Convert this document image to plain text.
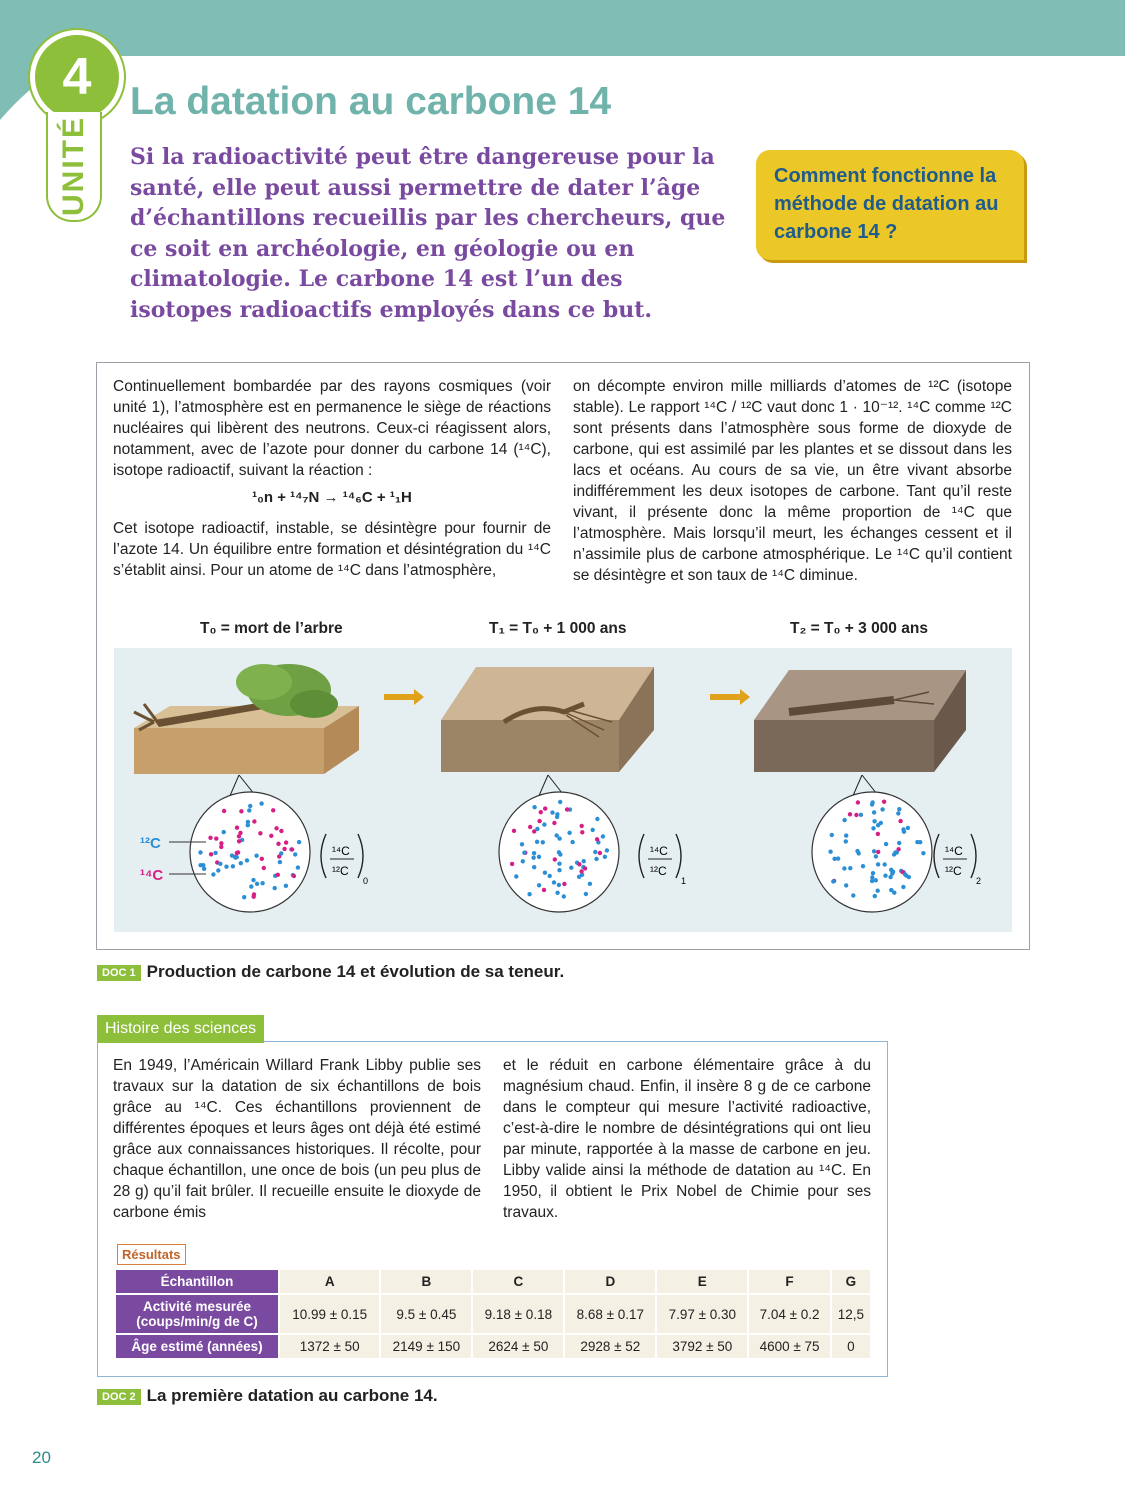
4
UNITÉ
La datation au carbone 14
Si la radioactivité peut être dangereuse pour la santé, elle peut aussi permettre de dater l’âge d’échantillons recueillis par les chercheurs, que ce soit en archéologie, en géologie ou en climatologie. Le carbone 14 est l’un des isotopes radioactifs employés dans ce but.
Comment fonctionne la méthode de datation au carbone 14 ?
Continuellement bombardée par des rayons cosmiques (voir unité 1), l’atmosphère est en permanence le siège de réactions nucléaires qui libèrent des neutrons. Ceux-ci réagissent alors, notamment, avec de l’azote pour donner du carbone 14 (¹⁴C), isotope radioactif, suivant la réaction :
¹₀n + ¹⁴₇N → ¹⁴₆C + ¹₁H
Cet isotope radioactif, instable, se désintègre pour fournir de l’azote 14. Un équilibre entre formation et désintégration du ¹⁴C s’établit ainsi. Pour un atome de ¹⁴C dans l’atmosphère,
on décompte environ mille milliards d’atomes de ¹²C (isotope stable). Le rapport ¹⁴C / ¹²C vaut donc 1 · 10⁻¹². ¹⁴C comme ¹²C sont présents dans l’atmosphère sous forme de dioxyde de carbone, qui est assimilé par les plantes et se dissout dans les lacs et océans. Au cours de sa vie, un être vivant absorbe indifféremment les deux isotopes de carbone. Tant qu’il reste vivant, il présente donc la même proportion de ¹⁴C que l’atmosphère. Mais lorsqu’il meurt, les échanges cessent et il n’assimile plus de carbone atmosphérique. Le ¹⁴C qu’il contient se désintègre et son taux de ¹⁴C diminue.
T₀ = mort de l’arbre	T₁ = T₀ + 1 000 ans	T₂ = T₀ + 3 000 ans
¹²C
¹⁴C
¹⁴C
¹²C
0
¹⁴C
¹²C
1
¹⁴C
¹²C
2
DOC 1 Production de carbone 14 et évolution de sa teneur.
Histoire des sciences
En 1949, l’Américain Willard Frank Libby publie ses travaux sur la datation de six échantillons de bois grâce au ¹⁴C. Ces échantillons proviennent de différentes époques et leurs âges ont déjà été estimé grâce aux connaissances historiques. Il récolte, pour chaque échantillon, une once de bois (un peu plus de 28 g) qu’il fait brûler. Il recueille ensuite le dioxyde de carbone émis
et le réduit en carbone élémentaire grâce à du magnésium chaud. Enfin, il insère 8 g de ce carbone dans le compteur qui mesure l’activité radioactive, c’est-à-dire le nombre de désintégrations qui ont lieu par minute, rapportée à la masse de carbone en jeu. Libby valide ainsi la méthode de datation au ¹⁴C. En 1950, il obtient le Prix Nobel de Chimie pour ses travaux.
Résultats
Échantillon	A	B	C	D	E	F	G
Activité mesurée (coups/min/g de C)	10.99 ± 0.15	9.5 ± 0.45	9.18 ± 0.18	8.68 ± 0.17	7.97 ± 0.30	7.04 ± 0.2	12,5
Âge estimé (années)	1372 ± 50	2149 ± 150	2624 ± 50	2928 ± 52	3792 ± 50	4600 ± 75	0
DOC 2 La première datation au carbone 14.
20
